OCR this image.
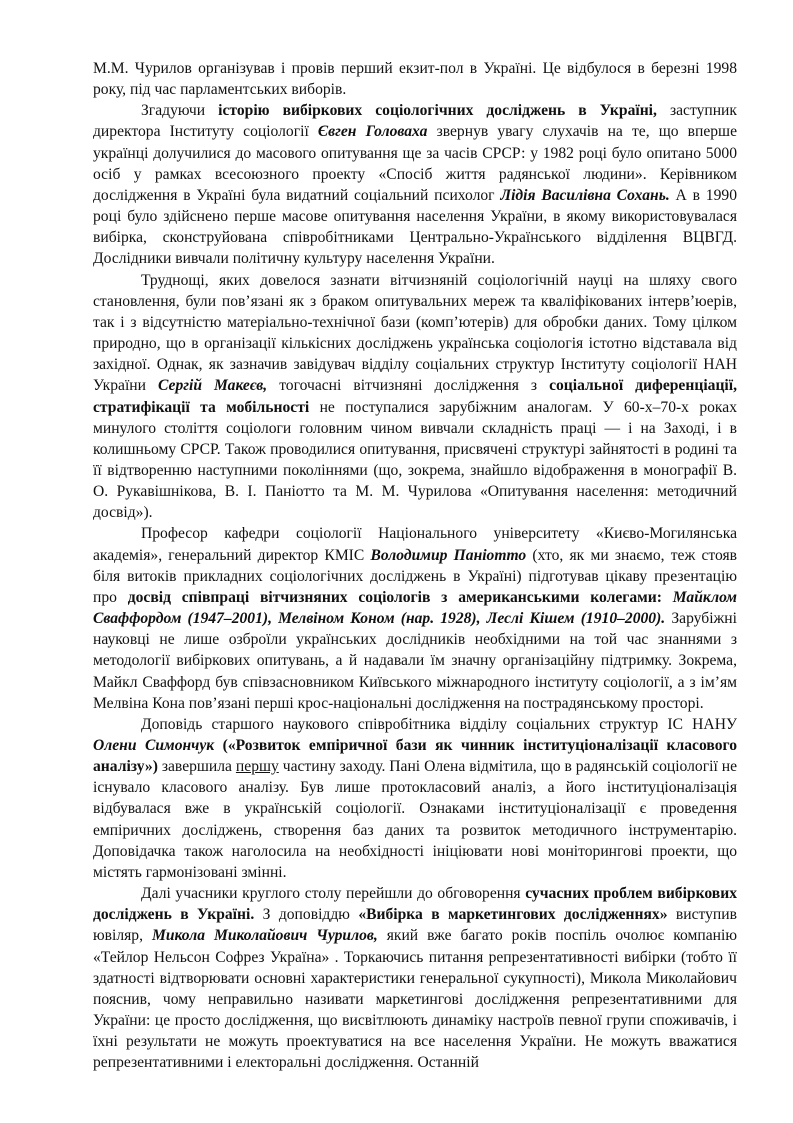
М.М. Чурилов організував і провів перший екзит-пол в Україні. Це відбулося в березні 1998 року, під час парламентських виборів.

Згадуючи історію вибіркових соціологічних досліджень в Україні, заступник директора Інституту соціології Євген Головаха звернув увагу слухачів на те, що вперше українці долучилися до масового опитування ще за часів СРСР: у 1982 році було опитано 5000 осіб у рамках всесоюзного проекту «Спосіб життя радянської людини». Керівником дослідження в Україні була видатний соціальний психолог Лідія Василівна Сохань. А в 1990 році було здійснено перше масове опитування населення України, в якому використовувалася вибірка, сконструйована співробітниками Центрально-Українського відділення ВЦВГД. Дослідники вивчали політичну культуру населення України.

Труднощі, яких довелося зазнати вітчизняній соціологічній науці на шляху свого становлення, були пов’язані як з браком опитувальних мереж та кваліфікованих інтерв’юерів, так і з відсутністю матеріально-технічної бази (комп’ютерів) для обробки даних. Тому цілком природно, що в організації кількісних досліджень українська соціологія істотно відставала від західної. Однак, як зазначив завідувач відділу соціальних структур Інституту соціології НАН України Сергій Макеєв, тогочасні вітчизняні дослідження з соціальної диференціації, стратифікації та мобільності не поступалися зарубіжним аналогам. У 60-х–70-х роках минулого століття соціологи головним чином вивчали складність праці — і на Заході, і в колишньому СРСР. Також проводилися опитування, присвячені структурі зайнятості в родині та її відтворенню наступними поколіннями (що, зокрема, знайшло відображення в монографії В. О. Рукавішнікова, В. І. Паніотто та М. М. Чурилова «Опитування населення: методичний досвід»).

Професор кафедри соціології Національного університету «Києво-Могилянська академія», генеральний директор КМІС Володимир Паніотто (хто, як ми знаємо, теж стояв біля витоків прикладних соціологічних досліджень в Україні) підготував цікаву презентацію про досвід співпраці вітчизняних соціологів з американськими колегами: Майклом Сваффордом (1947–2001), Мелвіном Коном (нар. 1928), Леслі Кішем (1910–2000). Зарубіжні науковці не лише озброїли українських дослідників необхідними на той час знаннями з методології вибіркових опитувань, а й надавали їм значну організаційну підтримку. Зокрема, Майкл Сваффорд був співзасновником Київського міжнародного інституту соціології, а з ім’ям Мелвіна Кона пов’язані перші крос-національні дослідження на пострадянському просторі.

Доповідь старшого наукового співробітника відділу соціальних структур ІС НАНУ Олени Симончук («Розвиток емпіричної бази як чинник інституціоналізації класового аналізу») завершила першу частину заходу. Пані Олена відмітила, що в радянській соціології не існувало класового аналізу. Був лише протокласовий аналіз, а його інституціоналізація відбувалася вже в українській соціології. Ознаками інституціоналізації є проведення емпіричних досліджень, створення баз даних та розвиток методичного інструментарію. Доповідачка також наголосила на необхідності ініціювати нові моніторингові проекти, що містять гармонізовані змінні.

Далі учасники круглого столу перейшли до обговорення сучасних проблем вибіркових досліджень в Україні. З доповіддю «Вибірка в маркетингових дослідженнях» виступив ювіляр, Микола Миколайович Чурилов, який вже багато років поспіль очолює компанію «Тейлор Нельсон Софрез Україна» . Торкаючись питання репрезентативності вибірки (тобто її здатності відтворювати основні характеристики генеральної сукупності), Микола Миколайович пояснив, чому неправильно називати маркетингові дослідження репрезентативними для України: це просто дослідження, що висвітлюють динаміку настроїв певної групи споживачів, і їхні результати не можуть проектуватися на все населення України. Не можуть вважатися репрезентативними і електоральні дослідження. Останній
